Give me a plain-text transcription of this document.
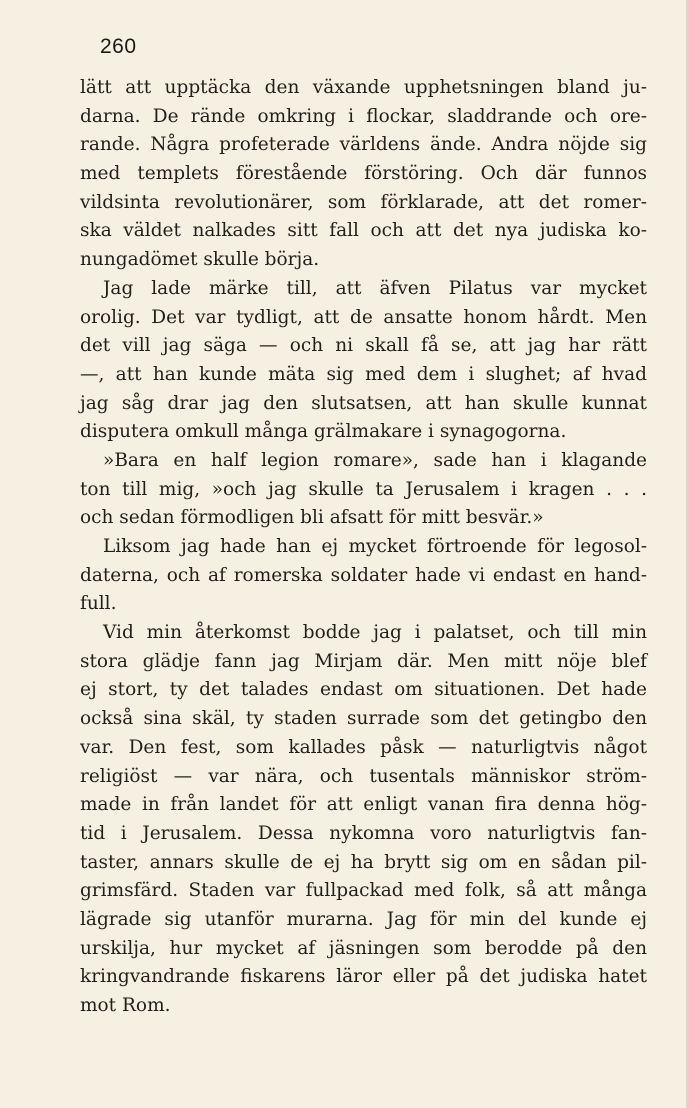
260
lätt att upptäcka den växande upphetsningen bland ju-
darna. De rände omkring i flockar, sladdrande och ore-
rande. Några profeterade världens ände. Andra nöjde sig
med templets förestående förstöring. Och där funnos
vildsinta revolutionärer, som förklarade, att det romer-
ska väldet nalkades sitt fall och att det nya judiska ko-
nungadömet skulle börja.
Jag lade märke till, att äfven Pilatus var mycket
orolig. Det var tydligt, att de ansatte honom hårdt. Men
det vill jag säga — och ni skall få se, att jag har rätt
—, att han kunde mäta sig med dem i slughet; af hvad
jag såg drar jag den slutsatsen, att han skulle kunnat
disputera omkull många grälmakare i synagogorna.
»Bara en half legion romare», sade han i klagande
ton till mig, »och jag skulle ta Jerusalem i kragen . . .
och sedan förmodligen bli afsatt för mitt besvär.»
Liksom jag hade han ej mycket förtroende för legosol-
daterna, och af romerska soldater hade vi endast en hand-
full.
Vid min återkomst bodde jag i palatset, och till min
stora glädje fann jag Mirjam där. Men mitt nöje blef
ej stort, ty det talades endast om situationen. Det hade
också sina skäl, ty staden surrade som det getingbo den
var. Den fest, som kallades påsk — naturligtvis något
religiöst — var nära, och tusentals människor ström-
made in från landet för att enligt vanan fira denna hög-
tid i Jerusalem. Dessa nykomna voro naturligtvis fan-
taster, annars skulle de ej ha brytt sig om en sådan pil-
grimsfärd. Staden var fullpackad med folk, så att många
lägrade sig utanför murarna. Jag för min del kunde ej
urskilja, hur mycket af jäsningen som berodde på den
kringvandrande fiskarens läror eller på det judiska hatet
mot Rom.
